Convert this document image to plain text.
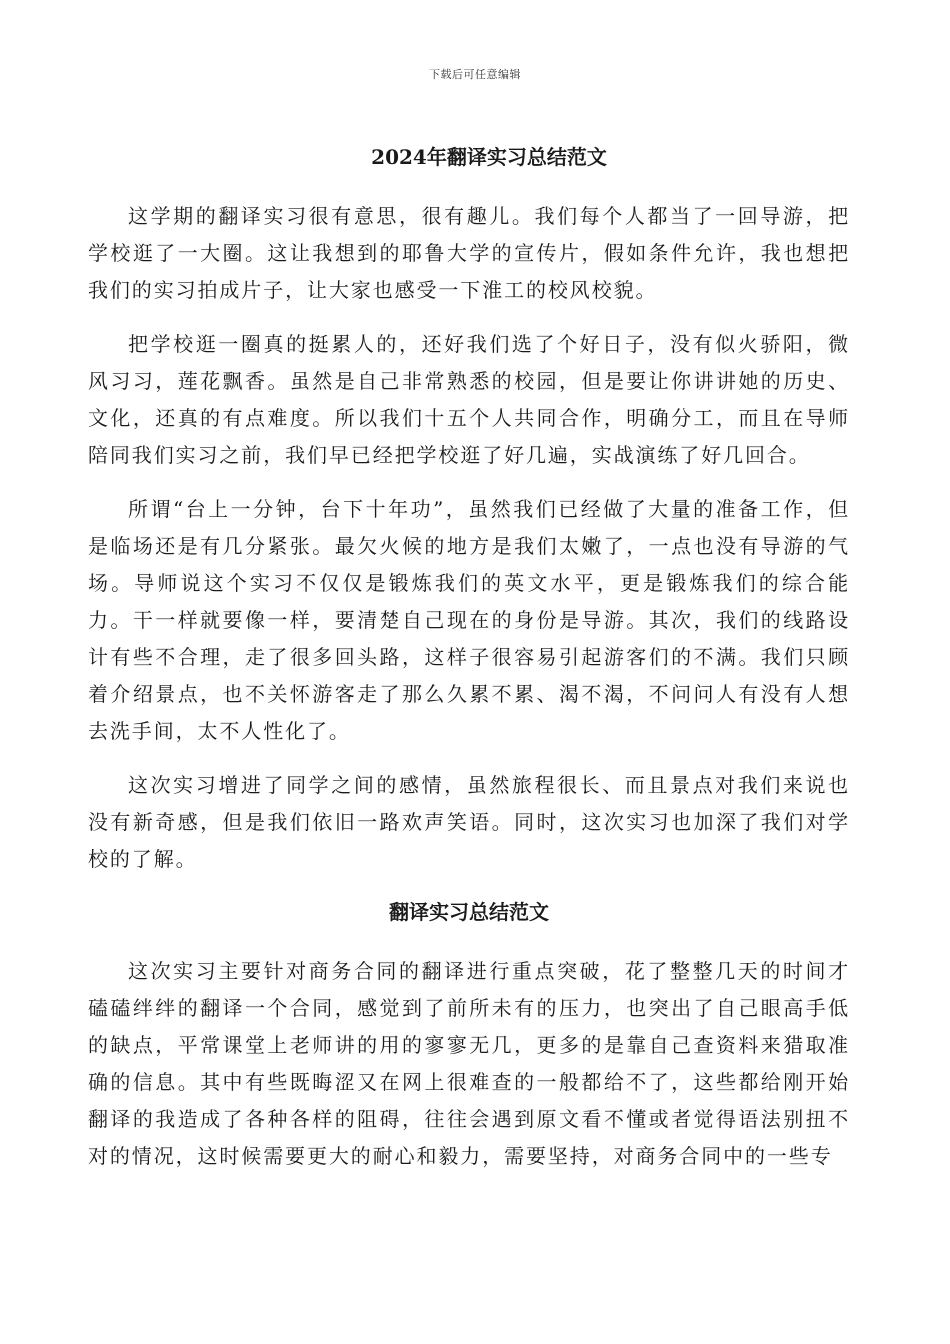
下载后可任意编辑
2024年翻译实习总结范文

这学期的翻译实习很有意思，很有趣儿。我们每个人都当了一回导游，把学校逛了一大圈。这让我想到的耶鲁大学的宣传片，假如条件允许，我也想把我们的实习拍成片子，让大家也感受一下淮工的校风校貌。

把学校逛一圈真的挺累人的，还好我们选了个好日子，没有似火骄阳，微风习习，莲花飘香。虽然是自己非常熟悉的校园，但是要让你讲讲她的历史、文化，还真的有点难度。所以我们十五个人共同合作，明确分工，而且在导师陪同我们实习之前，我们早已经把学校逛了好几遍，实战演练了好几回合。

所谓“台上一分钟，台下十年功”，虽然我们已经做了大量的准备工作，但是临场还是有几分紧张。最欠火候的地方是我们太嫩了，一点也没有导游的气场。导师说这个实习不仅仅是锻炼我们的英文水平，更是锻炼我们的综合能力。干一样就要像一样，要清楚自己现在的身份是导游。其次，我们的线路设计有些不合理，走了很多回头路，这样子很容易引起游客们的不满。我们只顾着介绍景点，也不关怀游客走了那么久累不累、渴不渴，不问问人有没有人想去洗手间，太不人性化了。

这次实习增进了同学之间的感情，虽然旅程很长、而且景点对我们来说也没有新奇感，但是我们依旧一路欢声笑语。同时，这次实习也加深了我们对学校的了解。

翻译实习总结范文

这次实习主要针对商务合同的翻译进行重点突破，花了整整几天的时间才磕磕绊绊的翻译一个合同，感觉到了前所未有的压力，也突出了自己眼高手低的缺点，平常课堂上老师讲的用的寥寥无几，更多的是靠自己查资料来猎取准确的信息。其中有些既晦涩又在网上很难查的一般都给不了，这些都给刚开始翻译的我造成了各种各样的阻碍，往往会遇到原文看不懂或者觉得语法别扭不对的情况，这时候需要更大的耐心和毅力，需要坚持，对商务合同中的一些专
